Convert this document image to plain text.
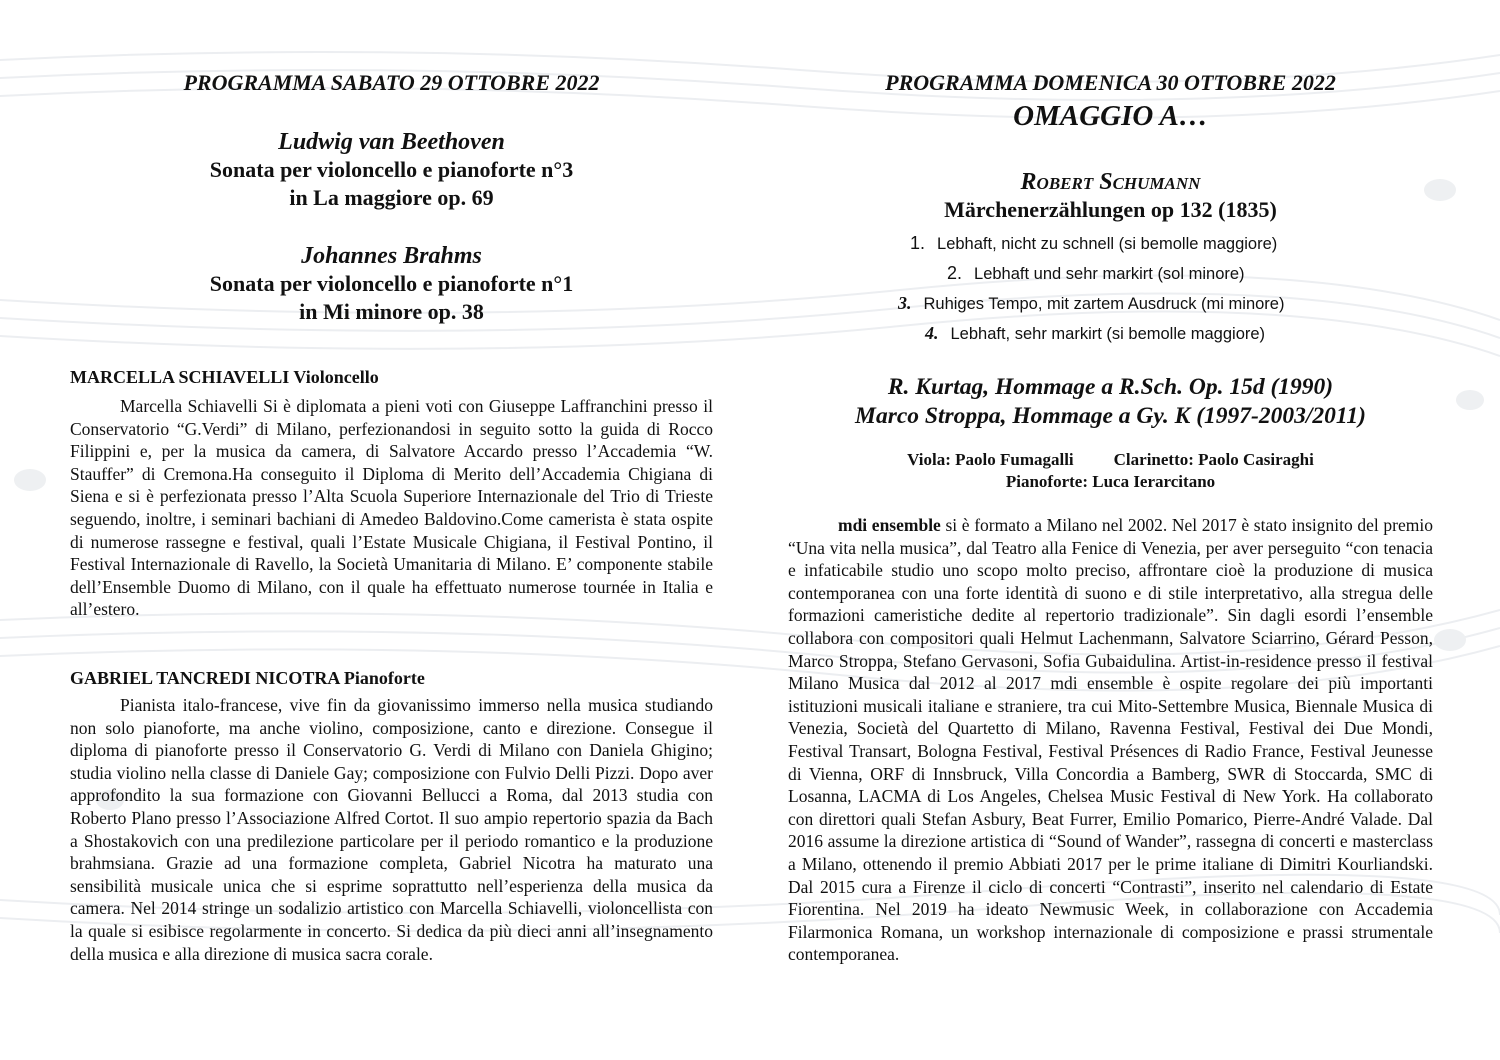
PROGRAMMA SABATO 29 OTTOBRE 2022
Ludwig van Beethoven
Sonata per violoncello e pianoforte n°3
in La maggiore op. 69
Johannes Brahms
Sonata per violoncello e pianoforte n°1
in Mi minore op. 38
MARCELLA SCHIAVELLI Violoncello

Marcella Schiavelli Si è diplomata a pieni voti con Giuseppe Laffranchini presso il Conservatorio “G.Verdi” di Milano, perfezionandosi in seguito sotto la guida di Rocco Filippini e, per la musica da camera, di Salvatore Accardo presso l’Accademia “W. Stauffer” di Cremona.Ha conseguito il Diploma di Merito dell’Accademia Chigiana di Siena e si è perfezionata presso l’Alta Scuola Superiore Internazionale del Trio di Trieste seguendo, inoltre, i seminari bachiani di Amedeo Baldovino.Come camerista è stata ospite di numerose rassegne e festival, quali l’Estate Musicale Chigiana, il Festival Pontino, il Festival Internazionale di Ravello, la Società Umanitaria di Milano. E’ componente stabile dell’Ensemble Duomo di Milano, con il quale ha effettuato numerose tournée in Italia e all’estero.

GABRIEL TANCREDI NICOTRA Pianoforte

Pianista italo-francese, vive fin da giovanissimo immerso nella musica studiando non solo pianoforte, ma anche violino, composizione, canto e direzione. Consegue il diploma di pianoforte presso il Conservatorio G. Verdi di Milano con Daniela Ghigino; studia violino nella classe di Daniele Gay; composizione con Fulvio Delli Pizzi. Dopo aver approfondito la sua formazione con Giovanni Bellucci a Roma, dal 2013 studia con Roberto Plano presso l’Associazione Alfred Cortot. Il suo ampio repertorio spazia da Bach a Shostakovich con una predilezione particolare per il periodo romantico e la produzione brahmsiana. Grazie ad una formazione completa, Gabriel Nicotra ha maturato una sensibilità musicale unica che si esprime soprattutto nell’esperienza della musica da camera. Nel 2014 stringe un sodalizio artistico con Marcella Schiavelli, violoncellista con la quale si esibisce regolarmente in concerto. Si dedica da più dieci anni all’insegnamento della musica e alla direzione di musica sacra corale.

PROGRAMMA DOMENICA 30 OTTOBRE 2022
OMAGGIO A…
Robert Schumann
Märchenerzählungen op 132 (1835)
1. Lebhaft, nicht zu schnell (si bemolle maggiore)
2. Lebhaft und sehr markirt (sol minore)
3. Ruhiges Tempo, mit zartem Ausdruck (mi minore)
4. Lebhaft, sehr markirt (si bemolle maggiore)
R. Kurtag, Hommage a R.Sch. Op. 15d (1990)
Marco Stroppa, Hommage a Gy. K (1997-2003/2011)
Viola: Paolo Fumagalli Clarinetto: Paolo Casiraghi
Pianoforte: Luca Ierarcitano

mdi ensemble si è formato a Milano nel 2002. Nel 2017 è stato insignito del premio “Una vita nella musica”, dal Teatro alla Fenice di Venezia, per aver perseguito “con tenacia e infaticabile studio uno scopo molto preciso, affrontare cioè la produzione di musica contemporanea con una forte identità di suono e di stile interpretativo, alla stregua delle formazioni cameristiche dedite al repertorio tradizionale”. Sin dagli esordi l’ensemble collabora con compositori quali Helmut Lachenmann, Salvatore Sciarrino, Gérard Pesson, Marco Stroppa, Stefano Gervasoni, Sofia Gubaidulina. Artist-in-residence presso il festival Milano Musica dal 2012 al 2017 mdi ensemble è ospite regolare dei più importanti istituzioni musicali italiane e straniere, tra cui Mito-Settembre Musica, Biennale Musica di Venezia, Società del Quartetto di Milano, Ravenna Festival, Festival dei Due Mondi, Festival Transart, Bologna Festival, Festival Présences di Radio France, Festival Jeunesse di Vienna, ORF di Innsbruck, Villa Concordia a Bamberg, SWR di Stoccarda, SMC di Losanna, LACMA di Los Angeles, Chelsea Music Festival di New York. Ha collaborato con direttori quali Stefan Asbury, Beat Furrer, Emilio Pomarico, Pierre-André Valade. Dal 2016 assume la direzione artistica di “Sound of Wander”, rassegna di concerti e masterclass a Milano, ottenendo il premio Abbiati 2017 per le prime italiane di Dimitri Kourliandski. Dal 2015 cura a Firenze il ciclo di concerti “Contrasti”, inserito nel calendario di Estate Fiorentina. Nel 2019 ha ideato Newmusic Week, in collaborazione con Accademia Filarmonica Romana, un workshop internazionale di composizione e prassi strumentale contemporanea.
